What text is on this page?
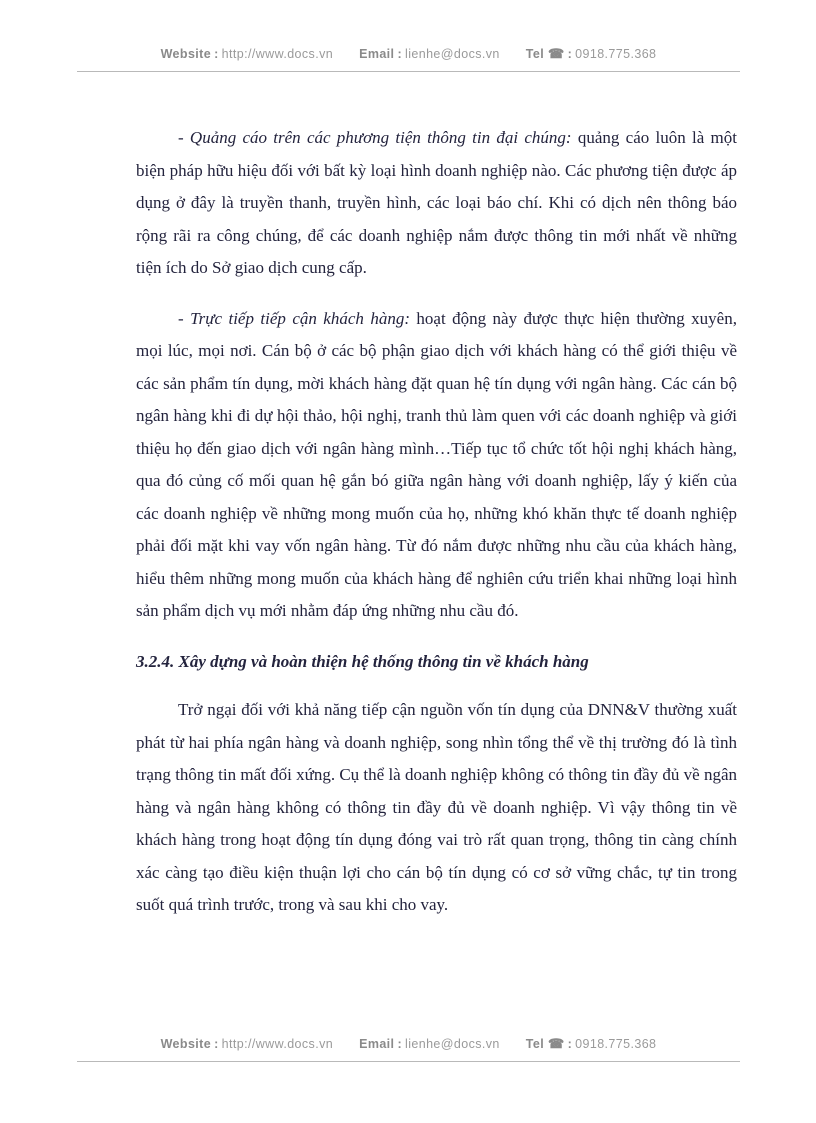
Website : http://www.docs.vn Email : lienhe@docs.vn Tel ☎ : 0918.775.368

- Quảng cáo trên các phương tiện thông tin đại chúng: quảng cáo luôn là một biện pháp hữu hiệu đối với bất kỳ loại hình doanh nghiệp nào. Các phương tiện được áp dụng ở đây là truyền thanh, truyền hình, các loại báo chí. Khi có dịch nên thông báo rộng rãi ra công chúng, để các doanh nghiệp nắm được thông tin mới nhất về những tiện ích do Sở giao dịch cung cấp.

- Trực tiếp tiếp cận khách hàng: hoạt động này được thực hiện thường xuyên, mọi lúc, mọi nơi. Cán bộ ở các bộ phận giao dịch với khách hàng có thể giới thiệu về các sản phẩm tín dụng, mời khách hàng đặt quan hệ tín dụng với ngân hàng. Các cán bộ ngân hàng khi đi dự hội thảo, hội nghị, tranh thủ làm quen với các doanh nghiệp và giới thiệu họ đến giao dịch với ngân hàng mình…Tiếp tục tổ chức tốt hội nghị khách hàng, qua đó củng cố mối quan hệ gắn bó giữa ngân hàng với doanh nghiệp, lấy ý kiến của các doanh nghiệp về những mong muốn của họ, những khó khăn thực tế doanh nghiệp phải đối mặt khi vay vốn ngân hàng. Từ đó nắm được những nhu cầu của khách hàng, hiểu thêm những mong muốn của khách hàng để nghiên cứu triển khai những loại hình sản phẩm dịch vụ mới nhằm đáp ứng những nhu cầu đó.

3.2.4. Xây dựng và hoàn thiện hệ thống thông tin về khách hàng

Trở ngại đối với khả năng tiếp cận nguồn vốn tín dụng của DNN&V thường xuất phát từ hai phía ngân hàng và doanh nghiệp, song nhìn tổng thể về thị trường đó là tình trạng thông tin mất đối xứng. Cụ thể là doanh nghiệp không có thông tin đầy đủ về ngân hàng và ngân hàng không có thông tin đầy đủ về doanh nghiệp. Vì vậy thông tin về khách hàng trong hoạt động tín dụng đóng vai trò rất quan trọng, thông tin càng chính xác càng tạo điều kiện thuận lợi cho cán bộ tín dụng có cơ sở vững chắc, tự tin trong suốt quá trình trước, trong và sau khi cho vay.

Website : http://www.docs.vn Email : lienhe@docs.vn Tel ☎ : 0918.775.368
